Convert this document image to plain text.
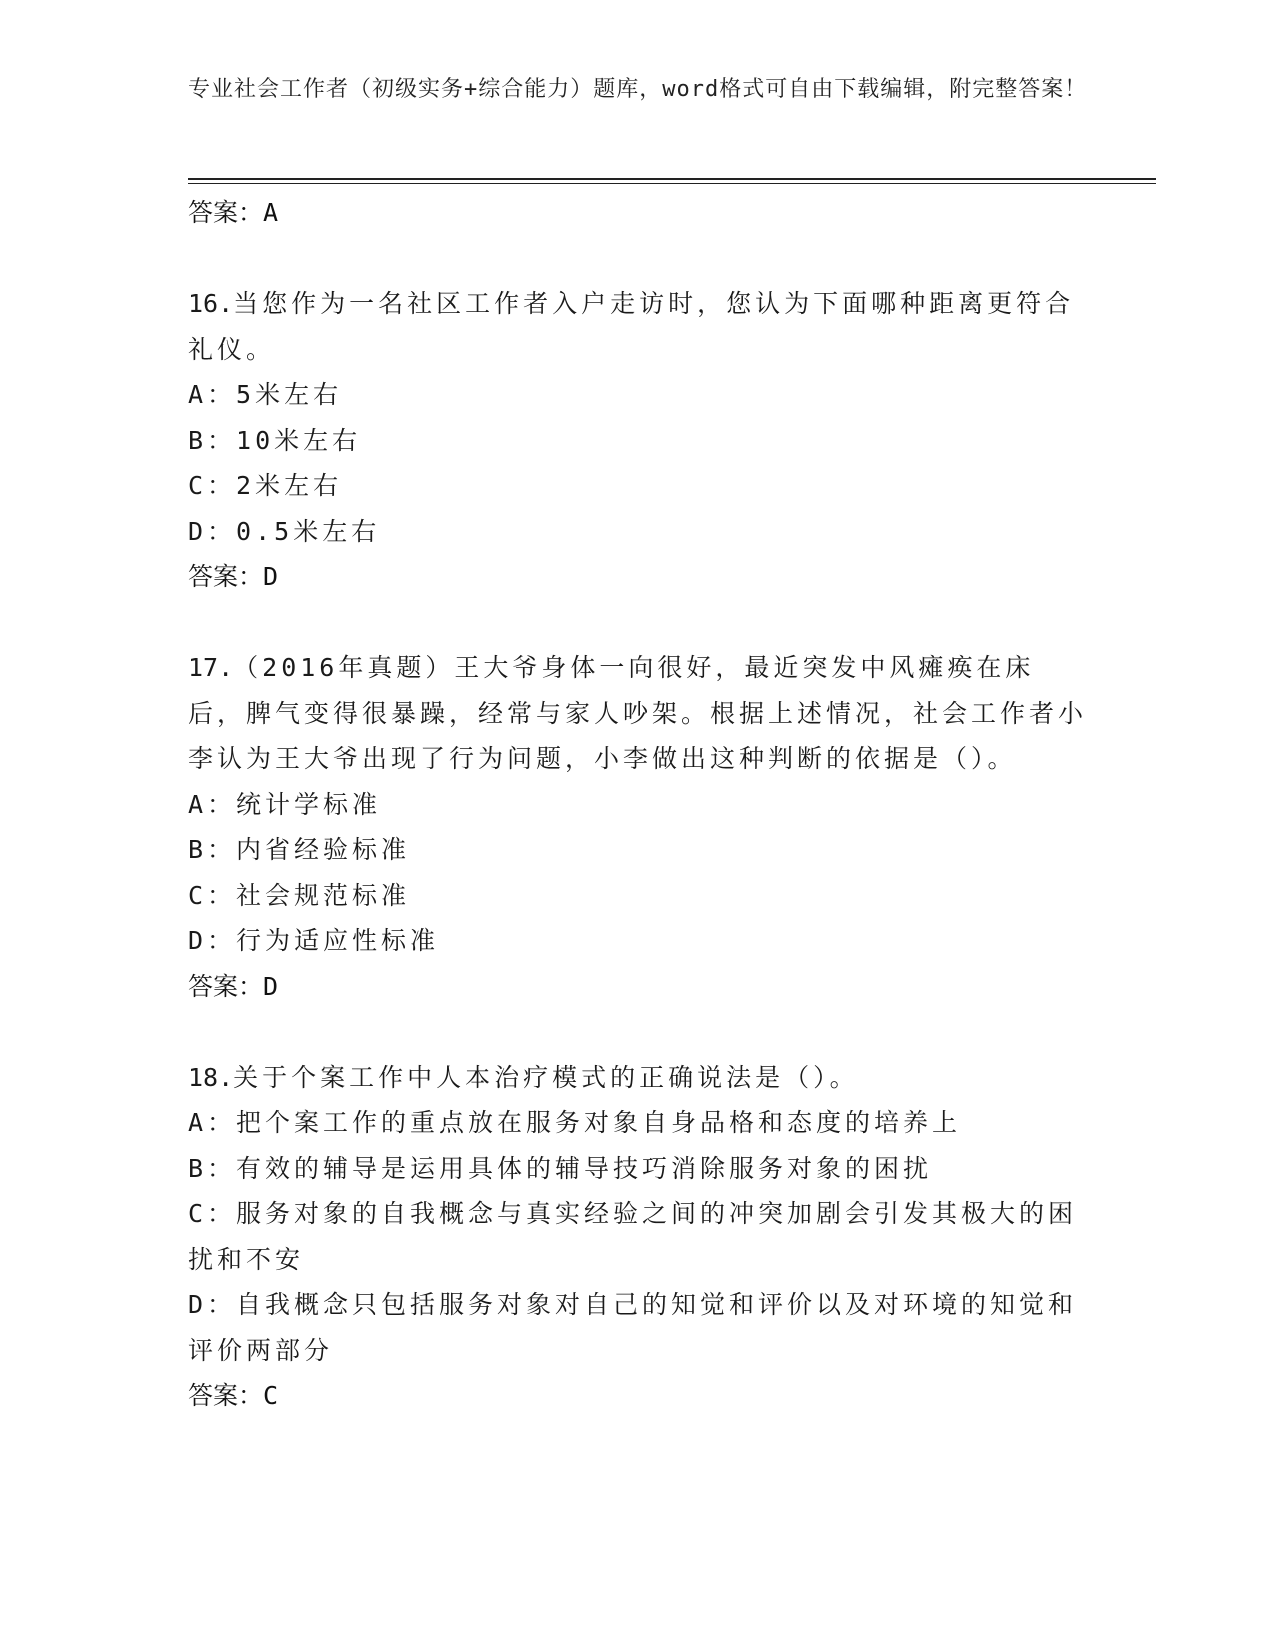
专业社会工作者（初级实务+综合能力）题库，word格式可自由下载编辑，附完整答案！
答案：A
16.当您作为一名社区工作者入户走访时，您认为下面哪种距离更符合礼仪。
A：5米左右
B：10米左右
C：2米左右
D：0.5米左右
答案：D
17.（2016年真题）王大爷身体一向很好，最近突发中风瘫痪在床后，脾气变得很暴躁，经常与家人吵架。根据上述情况，社会工作者小李认为王大爷出现了行为问题，小李做出这种判断的依据是（）。
A：统计学标准
B：内省经验标准
C：社会规范标准
D：行为适应性标准
答案：D
18.关于个案工作中人本治疗模式的正确说法是（）。
A：把个案工作的重点放在服务对象自身品格和态度的培养上
B：有效的辅导是运用具体的辅导技巧消除服务对象的困扰
C：服务对象的自我概念与真实经验之间的冲突加剧会引发其极大的困扰和不安
D：自我概念只包括服务对象对自己的知觉和评价以及对环境的知觉和评价两部分
答案：C
